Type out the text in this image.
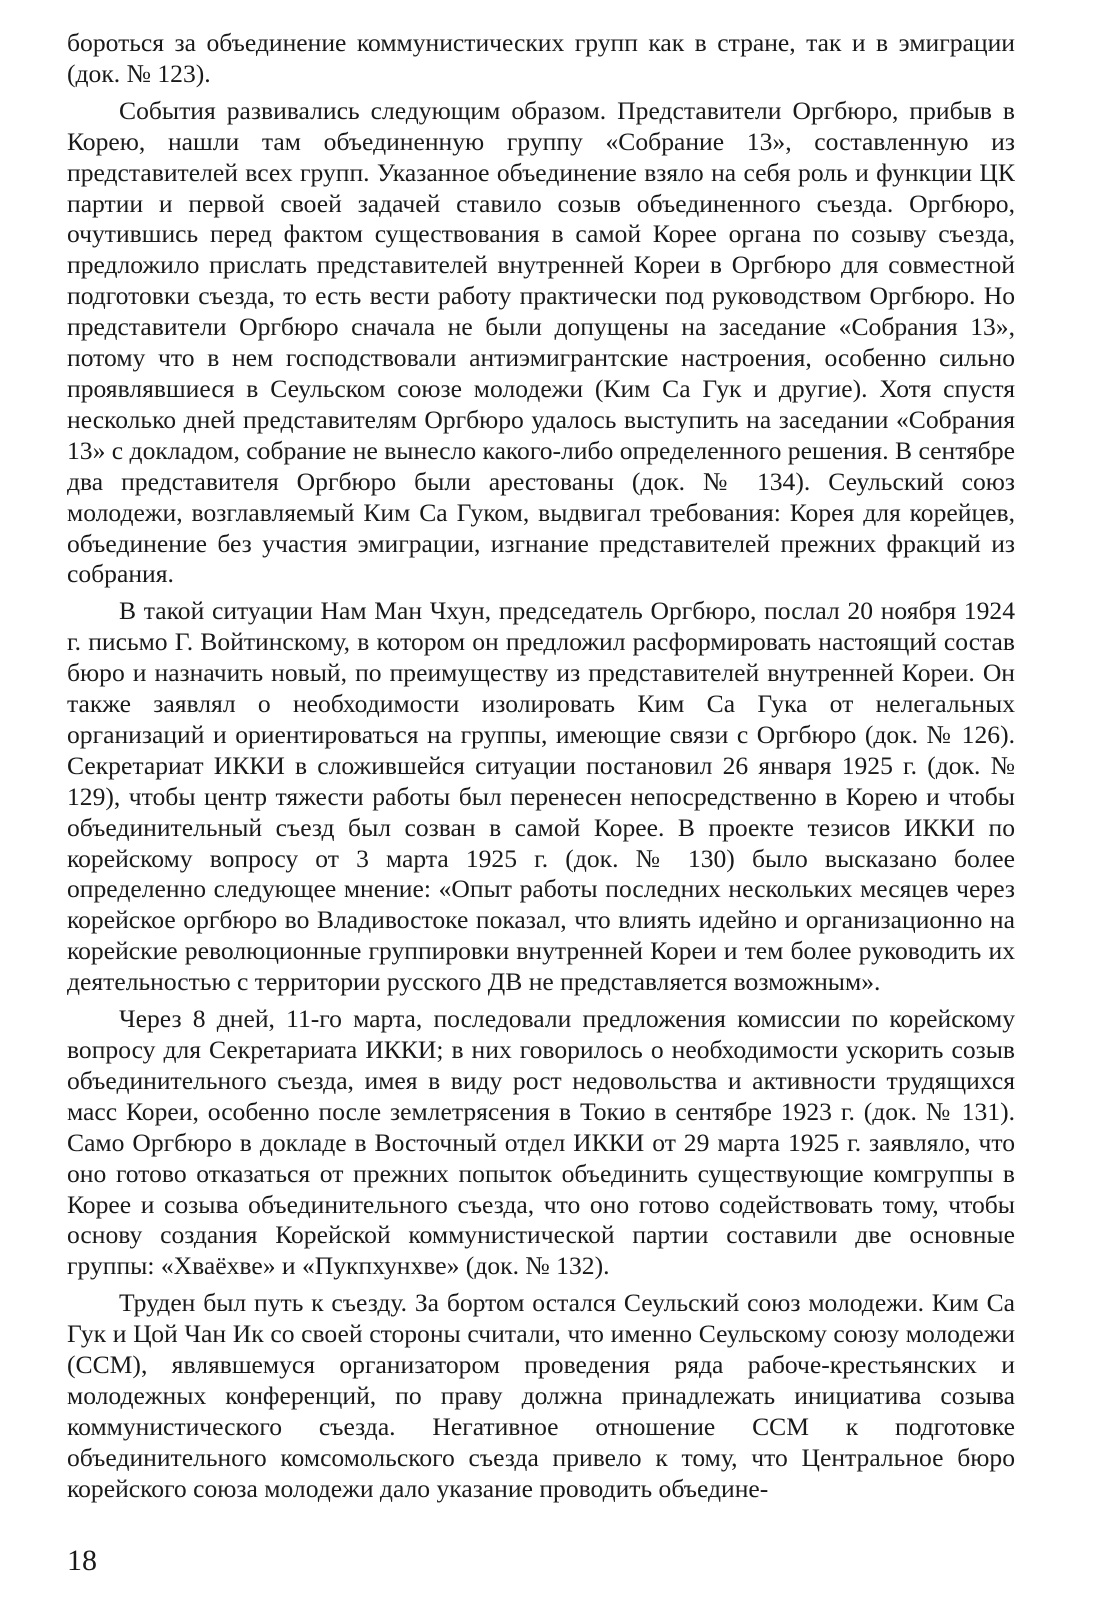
бороться за объединение коммунистических групп как в стране, так и в эмиграции (док. № 123).

События развивались следующим образом. Представители Оргбюро, прибыв в Корею, нашли там объединенную группу «Собрание 13», составленную из представителей всех групп. Указанное объединение взяло на себя роль и функции ЦК партии и первой своей задачей ставило созыв объединенного съезда. Оргбюро, очутившись перед фактом существования в самой Корее органа по созыву съезда, предложило прислать представителей внутренней Кореи в Оргбюро для совместной подготовки съезда, то есть вести работу практически под руководством Оргбюро. Но представители Оргбюро сначала не были допущены на заседание «Собрания 13», потому что в нем господствовали антиэмигрантские настроения, особенно сильно проявлявшиеся в Сеульском союзе молодежи (Ким Са Гук и другие). Хотя спустя несколько дней представителям Оргбюро удалось выступить на заседании «Собрания 13» с докладом, собрание не вынесло какого-либо определенного решения. В сентябре два представителя Оргбюро были арестованы (док. № 134). Сеульский союз молодежи, возглавляемый Ким Са Гуком, выдвигал требования: Корея для корейцев, объединение без участия эмиграции, изгнание представителей прежних фракций из собрания.

В такой ситуации Нам Ман Чхун, председатель Оргбюро, послал 20 ноября 1924 г. письмо Г. Войтинскому, в котором он предложил расформировать настоящий состав бюро и назначить новый, по преимуществу из представителей внутренней Кореи. Он также заявлял о необходимости изолировать Ким Са Гука от нелегальных организаций и ориентироваться на группы, имеющие связи с Оргбюро (док. № 126). Секретариат ИККИ в сложившейся ситуации постановил 26 января 1925 г. (док. № 129), чтобы центр тяжести работы был перенесен непосредственно в Корею и чтобы объединительный съезд был созван в самой Корее. В проекте тезисов ИККИ по корейскому вопросу от 3 марта 1925 г. (док. № 130) было высказано более определенно следующее мнение: «Опыт работы последних нескольких месяцев через корейское оргбюро во Владивостоке показал, что влиять идейно и организационно на корейские революционные группировки внутренней Кореи и тем более руководить их деятельностью с территории русского ДВ не представляется возможным».

Через 8 дней, 11-го марта, последовали предложения комиссии по корейскому вопросу для Секретариата ИККИ; в них говорилось о необходимости ускорить созыв объединительного съезда, имея в виду рост недовольства и активности трудящихся масс Кореи, особенно после землетрясения в Токио в сентябре 1923 г. (док. № 131). Само Оргбюро в докладе в Восточный отдел ИККИ от 29 марта 1925 г. заявляло, что оно готово отказаться от прежних попыток объединить существующие комгруппы в Корее и созыва объединительного съезда, что оно готово содействовать тому, чтобы основу создания Корейской коммунистической партии составили две основные группы: «Хваёхве» и «Пукпхунхве» (док. № 132).

Труден был путь к съезду. За бортом остался Сеульский союз молодежи. Ким Са Гук и Цой Чан Ик со своей стороны считали, что именно Сеульскому союзу молодежи (ССМ), являвшемуся организатором проведения ряда рабоче-крестьянских и молодежных конференций, по праву должна принадлежать инициатива созыва коммунистического съезда. Негативное отношение ССМ к подготовке объединительного комсомольского съезда привело к тому, что Центральное бюро корейского союза молодежи дало указание проводить объедине-

18
